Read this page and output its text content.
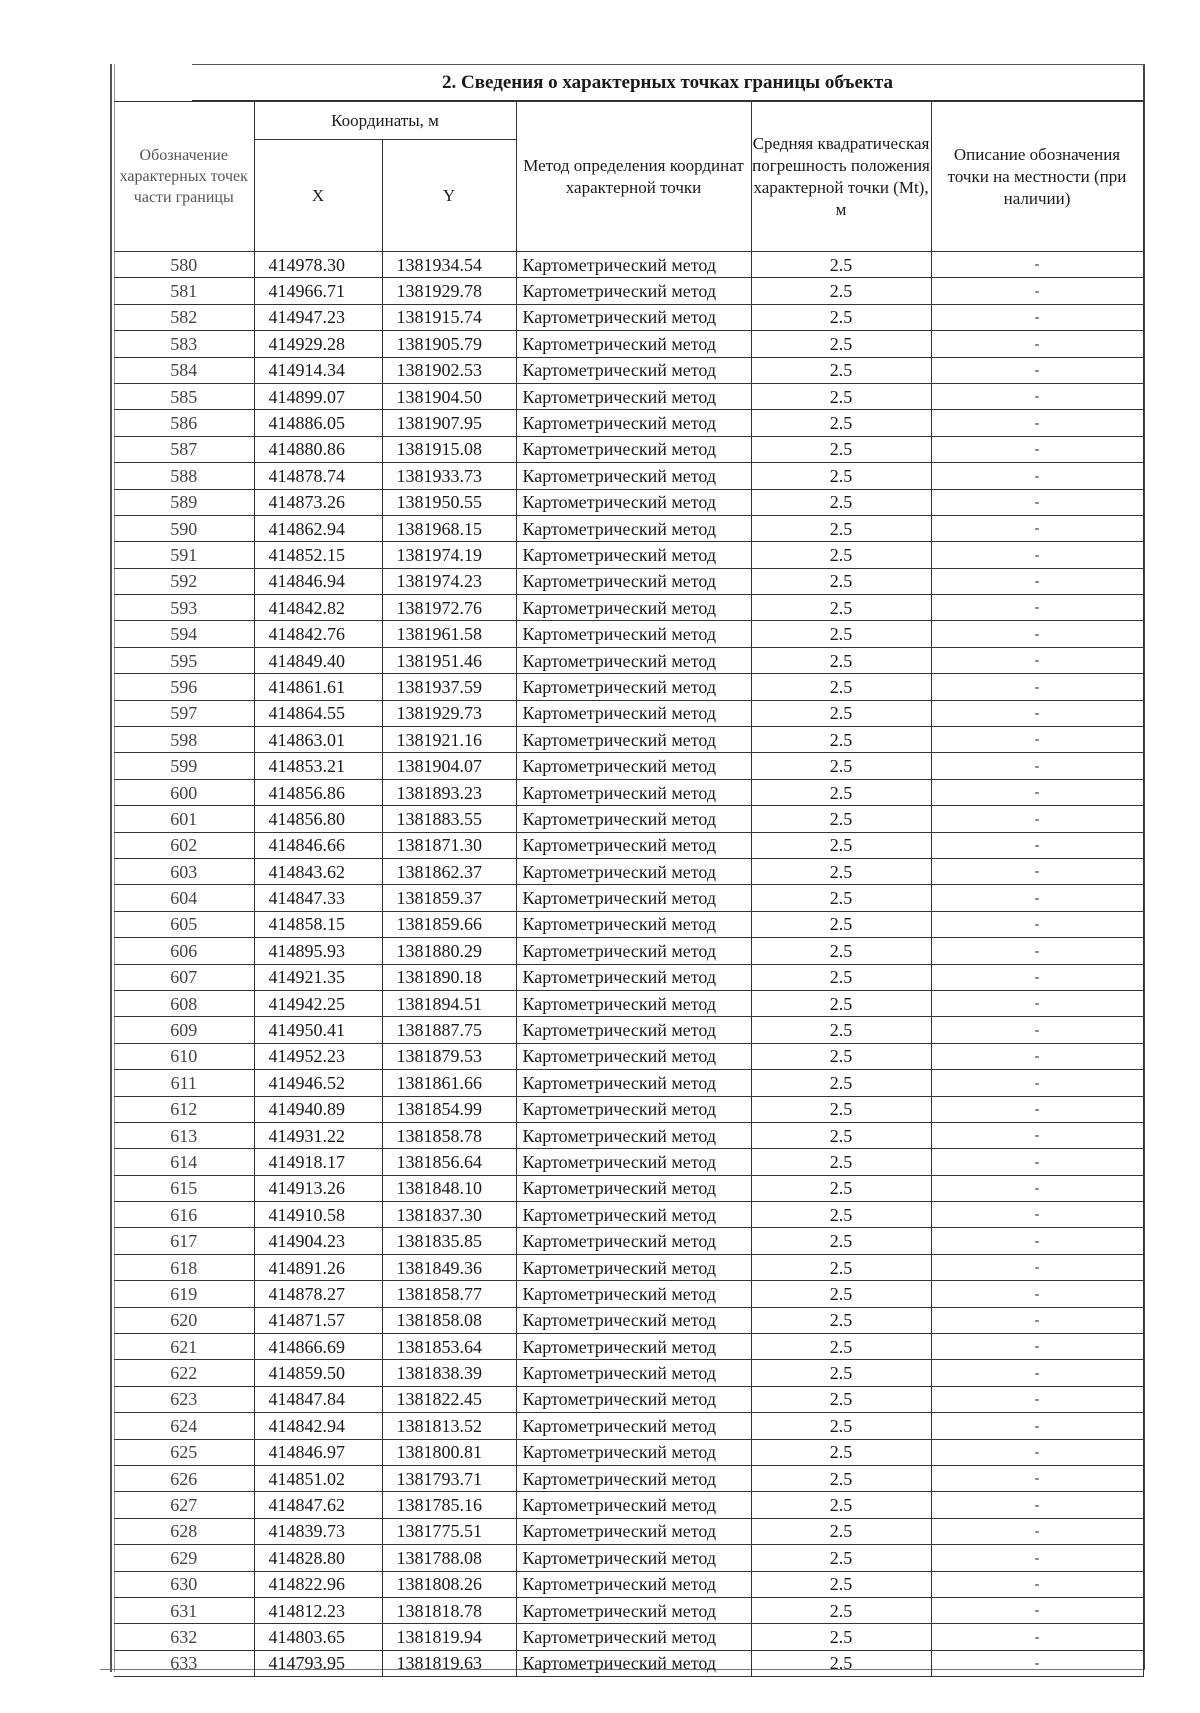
2. Сведения о характерных точках границы объекта
Обозначение характерных точек части границы	Координаты, м		Метод определения координат характерной точки	Средняя квадратическая погрешность положения характерной точки (Mt), м	Описание обозначения точки на местности (при наличии)
	X	Y			
580	414978.30	1381934.54	Картометрический метод	2.5	-
581	414966.71	1381929.78	Картометрический метод	2.5	-
582	414947.23	1381915.74	Картометрический метод	2.5	-
583	414929.28	1381905.79	Картометрический метод	2.5	-
584	414914.34	1381902.53	Картометрический метод	2.5	-
585	414899.07	1381904.50	Картометрический метод	2.5	-
586	414886.05	1381907.95	Картометрический метод	2.5	-
587	414880.86	1381915.08	Картометрический метод	2.5	-
588	414878.74	1381933.73	Картометрический метод	2.5	-
589	414873.26	1381950.55	Картометрический метод	2.5	-
590	414862.94	1381968.15	Картометрический метод	2.5	-
591	414852.15	1381974.19	Картометрический метод	2.5	-
592	414846.94	1381974.23	Картометрический метод	2.5	-
593	414842.82	1381972.76	Картометрический метод	2.5	-
594	414842.76	1381961.58	Картометрический метод	2.5	-
595	414849.40	1381951.46	Картометрический метод	2.5	-
596	414861.61	1381937.59	Картометрический метод	2.5	-
597	414864.55	1381929.73	Картометрический метод	2.5	-
598	414863.01	1381921.16	Картометрический метод	2.5	-
599	414853.21	1381904.07	Картометрический метод	2.5	-
600	414856.86	1381893.23	Картометрический метод	2.5	-
601	414856.80	1381883.55	Картометрический метод	2.5	-
602	414846.66	1381871.30	Картометрический метод	2.5	-
603	414843.62	1381862.37	Картометрический метод	2.5	-
604	414847.33	1381859.37	Картометрический метод	2.5	-
605	414858.15	1381859.66	Картометрический метод	2.5	-
606	414895.93	1381880.29	Картометрический метод	2.5	-
607	414921.35	1381890.18	Картометрический метод	2.5	-
608	414942.25	1381894.51	Картометрический метод	2.5	-
609	414950.41	1381887.75	Картометрический метод	2.5	-
610	414952.23	1381879.53	Картометрический метод	2.5	-
611	414946.52	1381861.66	Картометрический метод	2.5	-
612	414940.89	1381854.99	Картометрический метод	2.5	-
613	414931.22	1381858.78	Картометрический метод	2.5	-
614	414918.17	1381856.64	Картометрический метод	2.5	-
615	414913.26	1381848.10	Картометрический метод	2.5	-
616	414910.58	1381837.30	Картометрический метод	2.5	-
617	414904.23	1381835.85	Картометрический метод	2.5	-
618	414891.26	1381849.36	Картометрический метод	2.5	-
619	414878.27	1381858.77	Картометрический метод	2.5	-
620	414871.57	1381858.08	Картометрический метод	2.5	-
621	414866.69	1381853.64	Картометрический метод	2.5	-
622	414859.50	1381838.39	Картометрический метод	2.5	-
623	414847.84	1381822.45	Картометрический метод	2.5	-
624	414842.94	1381813.52	Картометрический метод	2.5	-
625	414846.97	1381800.81	Картометрический метод	2.5	-
626	414851.02	1381793.71	Картометрический метод	2.5	-
627	414847.62	1381785.16	Картометрический метод	2.5	-
628	414839.73	1381775.51	Картометрический метод	2.5	-
629	414828.80	1381788.08	Картометрический метод	2.5	-
630	414822.96	1381808.26	Картометрический метод	2.5	-
631	414812.23	1381818.78	Картометрический метод	2.5	-
632	414803.65	1381819.94	Картометрический метод	2.5	-
633	414793.95	1381819.63	Картометрический метод	2.5	-
